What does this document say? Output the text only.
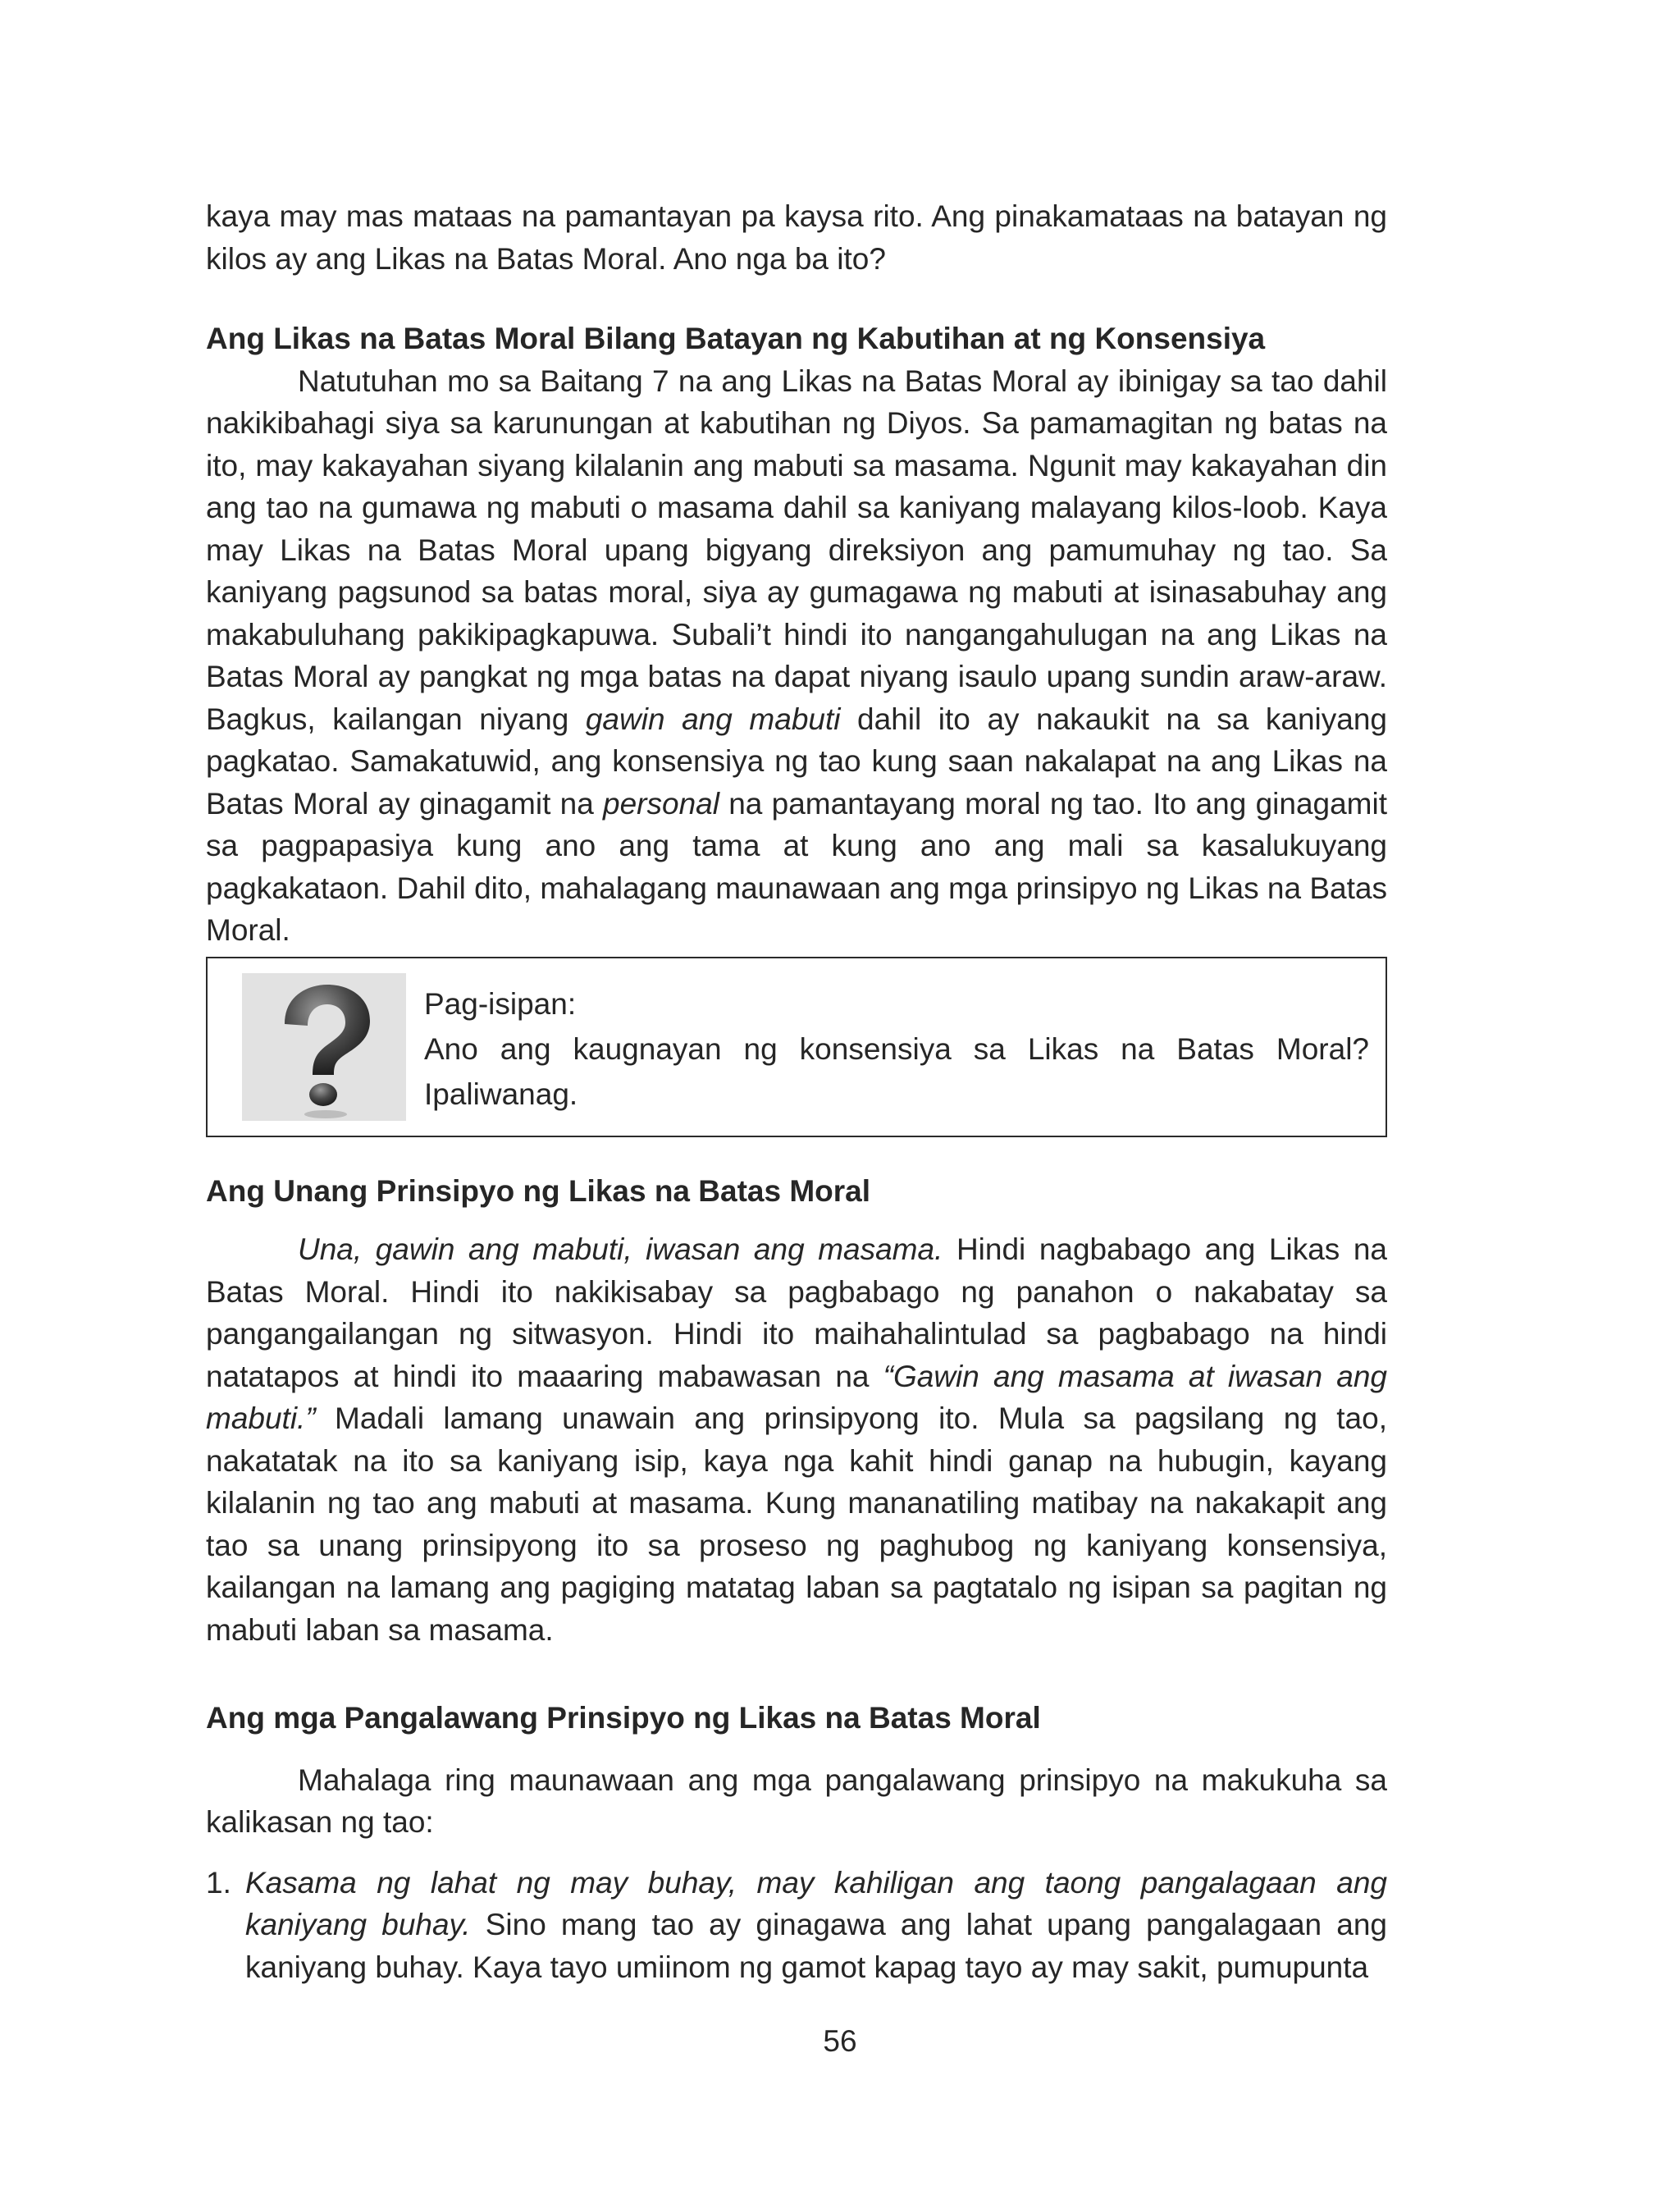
kaya may mas mataas na pamantayan pa kaysa rito. Ang pinakamataas na batayan ng kilos ay ang Likas na Batas Moral. Ano nga ba ito?

Ang Likas na Batas Moral Bilang Batayan ng Kabutihan at ng Konsensiya

Natutuhan mo sa Baitang 7 na ang Likas na Batas Moral ay ibinigay sa tao dahil nakikibahagi siya sa karunungan at kabutihan ng Diyos. Sa pamamagitan ng batas na ito, may kakayahan siyang kilalanin ang mabuti sa masama. Ngunit may kakayahan din ang tao na gumawa ng mabuti o masama dahil sa kaniyang malayang kilos-loob. Kaya may Likas na Batas Moral upang bigyang direksiyon ang pamumuhay ng tao. Sa kaniyang pagsunod sa batas moral, siya ay gumagawa ng mabuti at isinasabuhay ang makabuluhang pakikipagkapuwa. Subali’t hindi ito nangangahulugan na ang Likas na Batas Moral ay pangkat ng mga batas na dapat niyang isaulo upang sundin araw-araw. Bagkus, kailangan niyang gawin ang mabuti dahil ito ay nakaukit na sa kaniyang pagkatao. Samakatuwid, ang konsensiya ng tao kung saan nakalapat na ang Likas na Batas Moral ay ginagamit na personal na pamantayang moral ng tao. Ito ang ginagamit sa pagpapasiya kung ano ang tama at kung ano ang mali sa kasalukuyang pagkakataon. Dahil dito, mahalagang maunawaan ang mga prinsipyo ng Likas na Batas Moral.

Pag-isipan:

Ano ang kaugnayan ng konsensiya sa Likas na Batas Moral? Ipaliwanag.

Ang Unang Prinsipyo ng Likas na Batas Moral

Una, gawin ang mabuti, iwasan ang masama. Hindi nagbabago ang Likas na Batas Moral. Hindi ito nakikisabay sa pagbabago ng panahon o nakabatay sa pangangailangan ng sitwasyon. Hindi ito maihahalintulad sa pagbabago na hindi natatapos at hindi ito maaaring mabawasan na “Gawin ang masama at iwasan ang mabuti.” Madali lamang unawain ang prinsipyong ito. Mula sa pagsilang ng tao, nakatatak na ito sa kaniyang isip, kaya nga kahit hindi ganap na hubugin, kayang kilalanin ng tao ang mabuti at masama. Kung mananatiling matibay na nakakapit ang tao sa unang prinsipyong ito sa proseso ng paghubog ng kaniyang konsensiya, kailangan na lamang ang pagiging matatag laban sa pagtatalo ng isipan sa pagitan ng mabuti laban sa masama.

Ang mga Pangalawang Prinsipyo ng Likas na Batas Moral

Mahalaga ring maunawaan ang mga pangalawang prinsipyo na makukuha sa kalikasan ng tao:

1. Kasama ng lahat ng may buhay, may kahiligan ang taong pangalagaan ang kaniyang buhay. Sino mang tao ay ginagawa ang lahat upang pangalagaan ang kaniyang buhay. Kaya tayo umiinom ng gamot kapag tayo ay may sakit, pumupunta

56
